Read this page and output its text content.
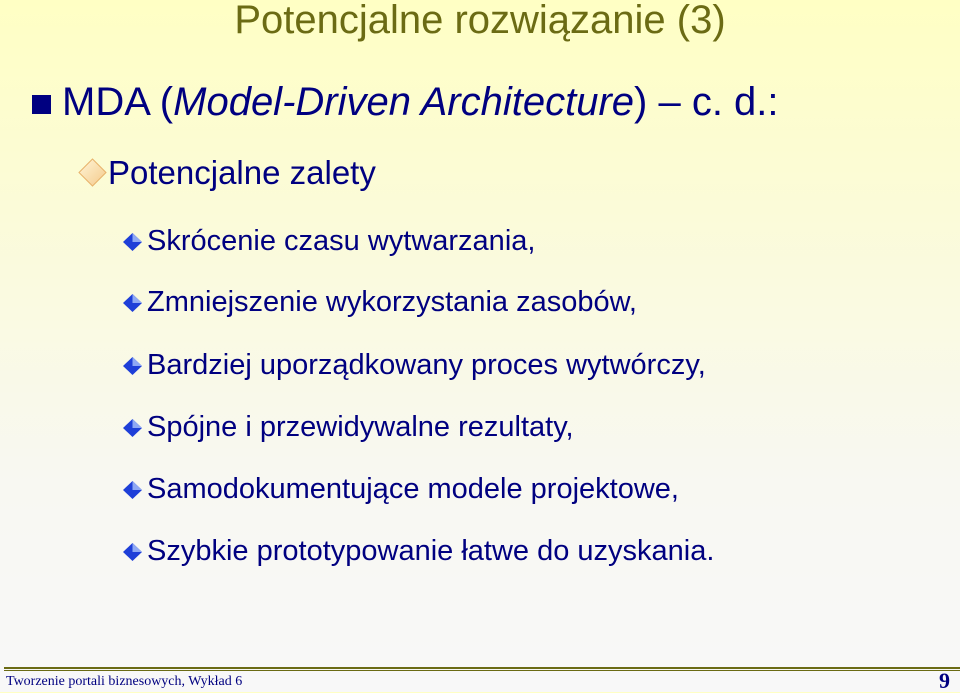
Potencjalne rozwiązanie (3)
MDA (Model-Driven Architecture) – c. d.:
Potencjalne zalety
Skrócenie czasu wytwarzania,
Zmniejszenie wykorzystania zasobów,
Bardziej uporządkowany proces wytwórczy,
Spójne i przewidywalne rezultaty,
Samodokumentujące modele projektowe,
Szybkie prototypowanie łatwe do uzyskania.
Tworzenie portali biznesowych, Wykład 6	9
